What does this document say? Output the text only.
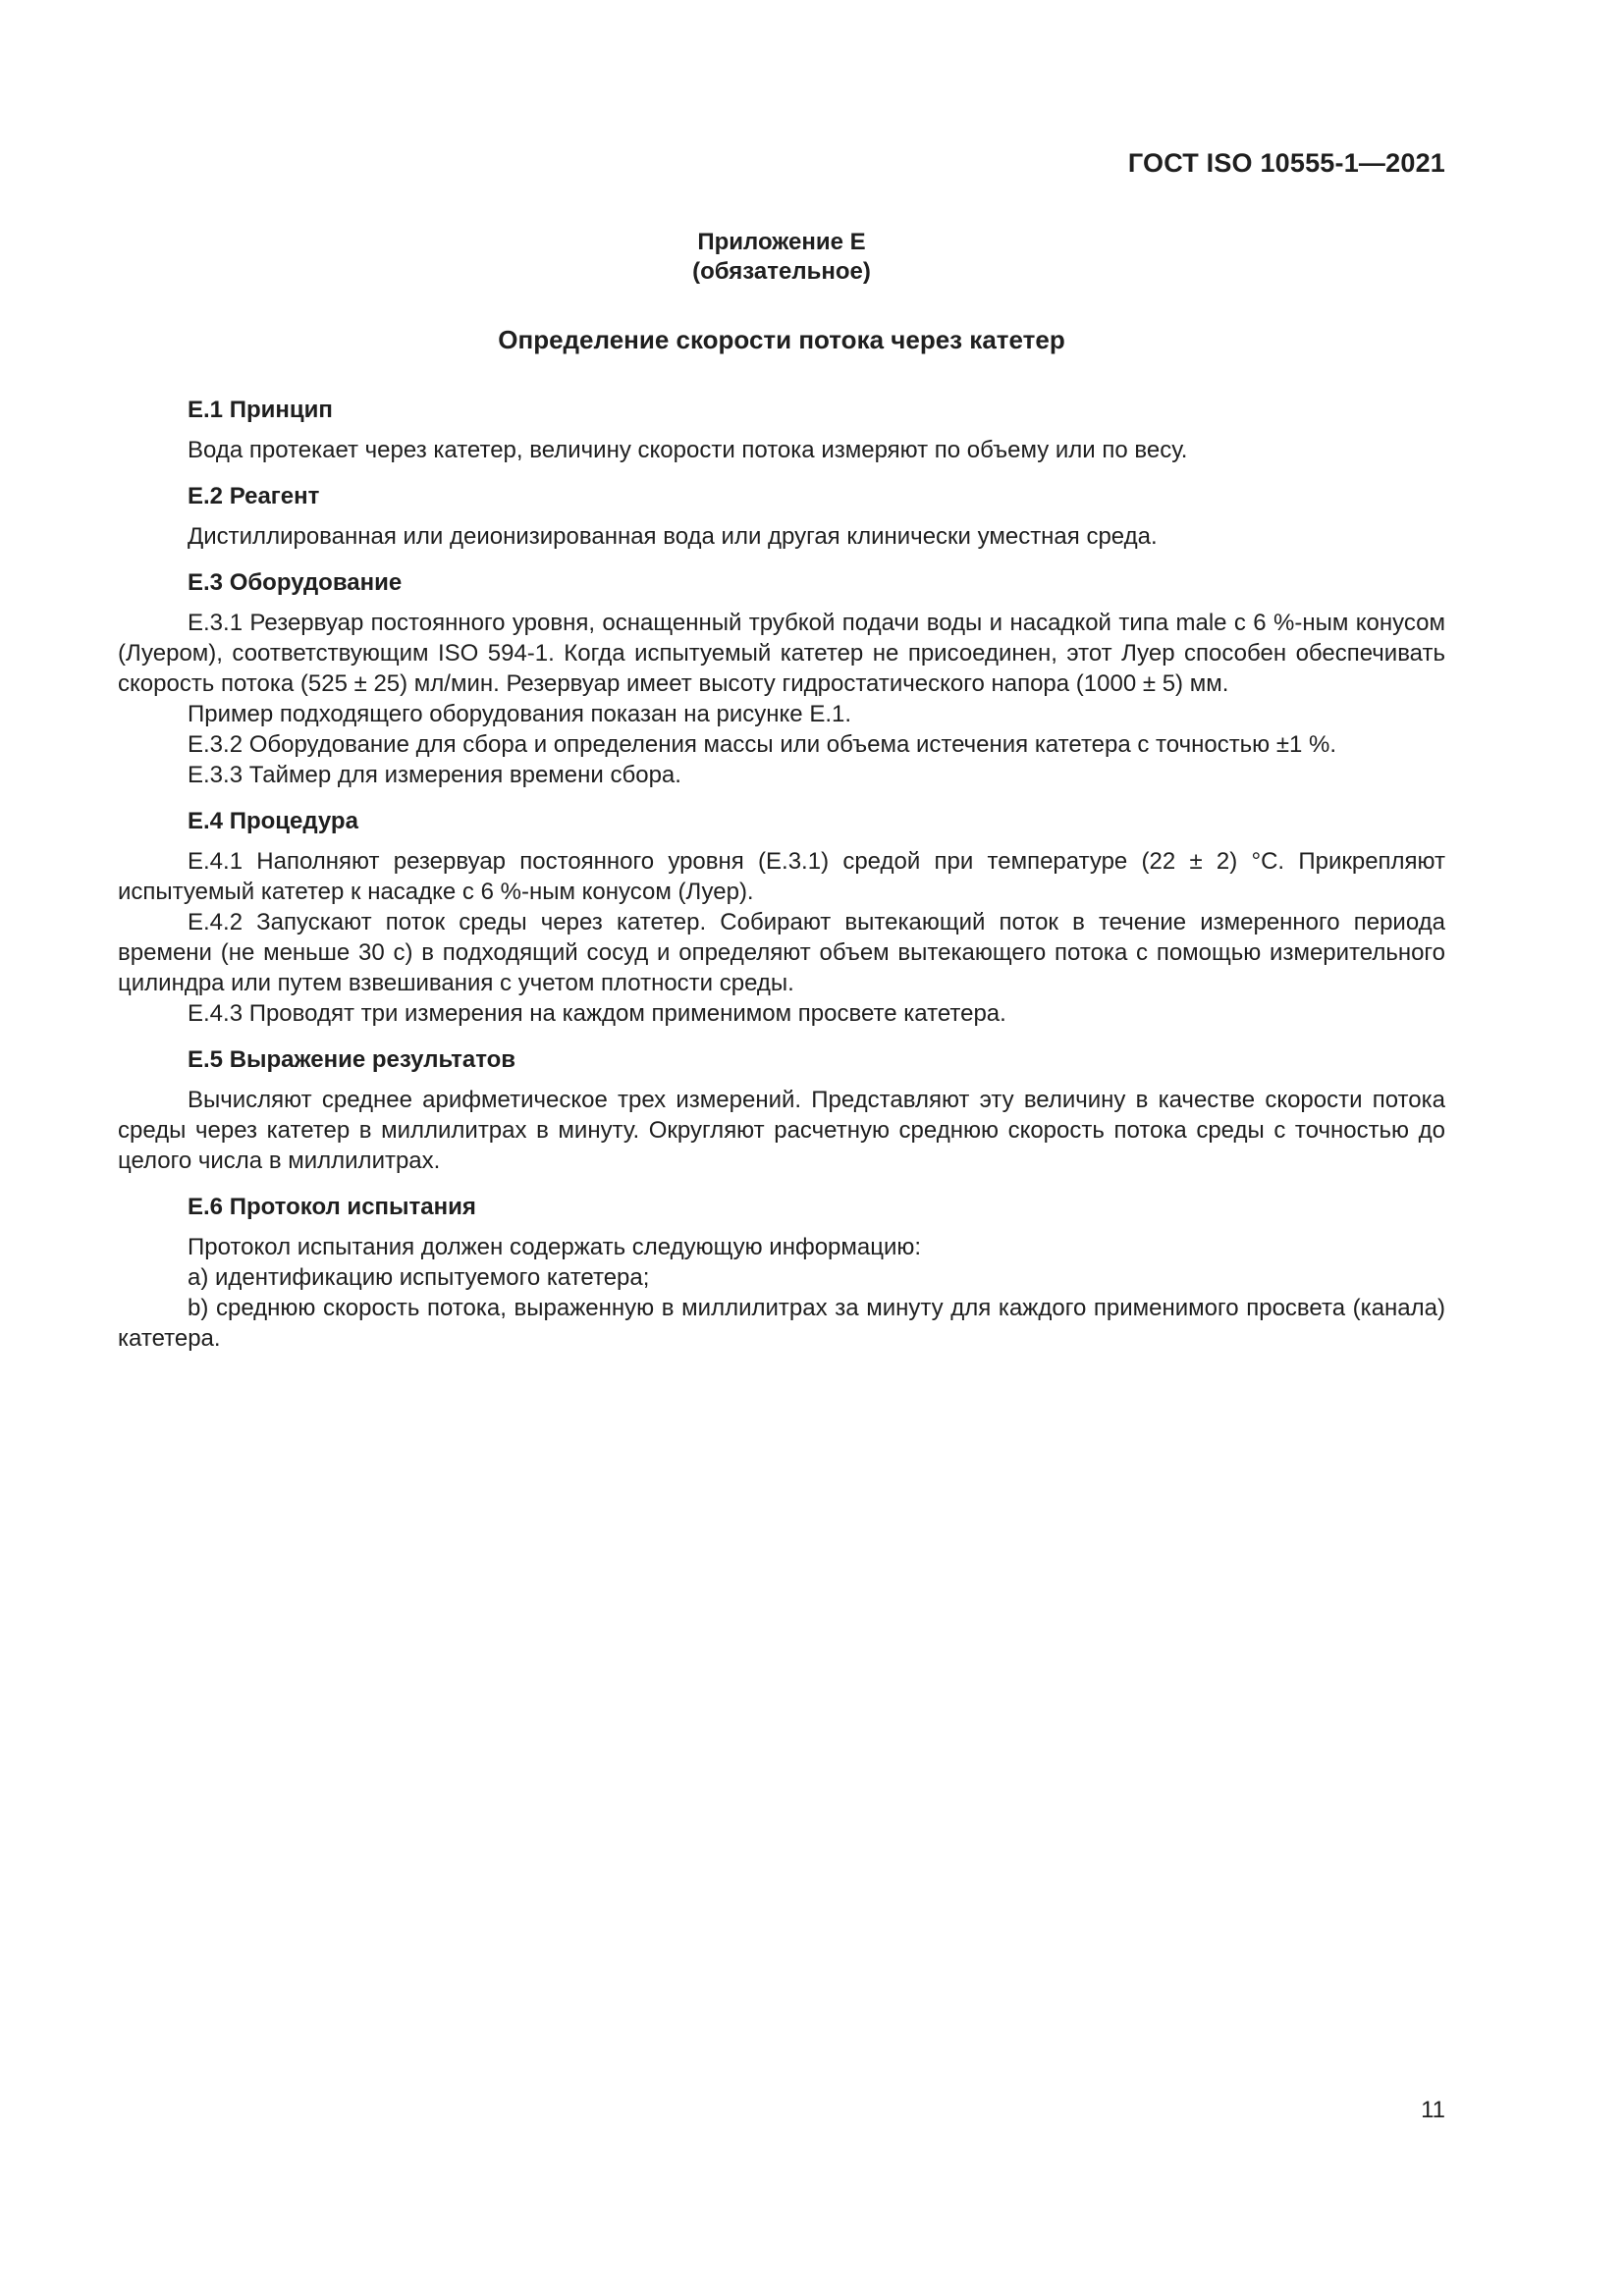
ГОСТ ISO 10555-1—2021
Приложение E
(обязательное)
Определение скорости потока через катетер
E.1 Принцип

Вода протекает через катетер, величину скорости потока измеряют по объему или по весу.

E.2 Реагент

Дистиллированная или деионизированная вода или другая клинически уместная среда.

E.3 Оборудование

E.3.1 Резервуар постоянного уровня, оснащенный трубкой подачи воды и насадкой типа male с 6 %-ным конусом (Луером), соответствующим ISO 594-1. Когда испытуемый катетер не присоединен, этот Луер способен обеспечивать скорость потока (525 ± 25) мл/мин. Резервуар имеет высоту гидростатического напора (1000 ± 5) мм.

Пример подходящего оборудования показан на рисунке E.1.

E.3.2 Оборудование для сбора и определения массы или объема истечения катетера с точностью ±1 %.

E.3.3 Таймер для измерения времени сбора.

E.4 Процедура

E.4.1 Наполняют резервуар постоянного уровня (E.3.1) средой при температуре (22 ± 2) °С. Прикрепляют испытуемый катетер к насадке с 6 %-ным конусом (Луер).

E.4.2 Запускают поток среды через катетер. Собирают вытекающий поток в течение измеренного периода времени (не меньше 30 с) в подходящий сосуд и определяют объем вытекающего потока с помощью измерительного цилиндра или путем взвешивания с учетом плотности среды.

E.4.3 Проводят три измерения на каждом применимом просвете катетера.

E.5 Выражение результатов

Вычисляют среднее арифметическое трех измерений. Представляют эту величину в качестве скорости потока среды через катетер в миллилитрах в минуту. Округляют расчетную среднюю скорость потока среды с точностью до целого числа в миллилитрах.

E.6 Протокол испытания

Протокол испытания должен содержать следующую информацию:

a) идентификацию испытуемого катетера;

b) среднюю скорость потока, выраженную в миллилитрах за минуту для каждого применимого просвета (канала) катетера.

11
